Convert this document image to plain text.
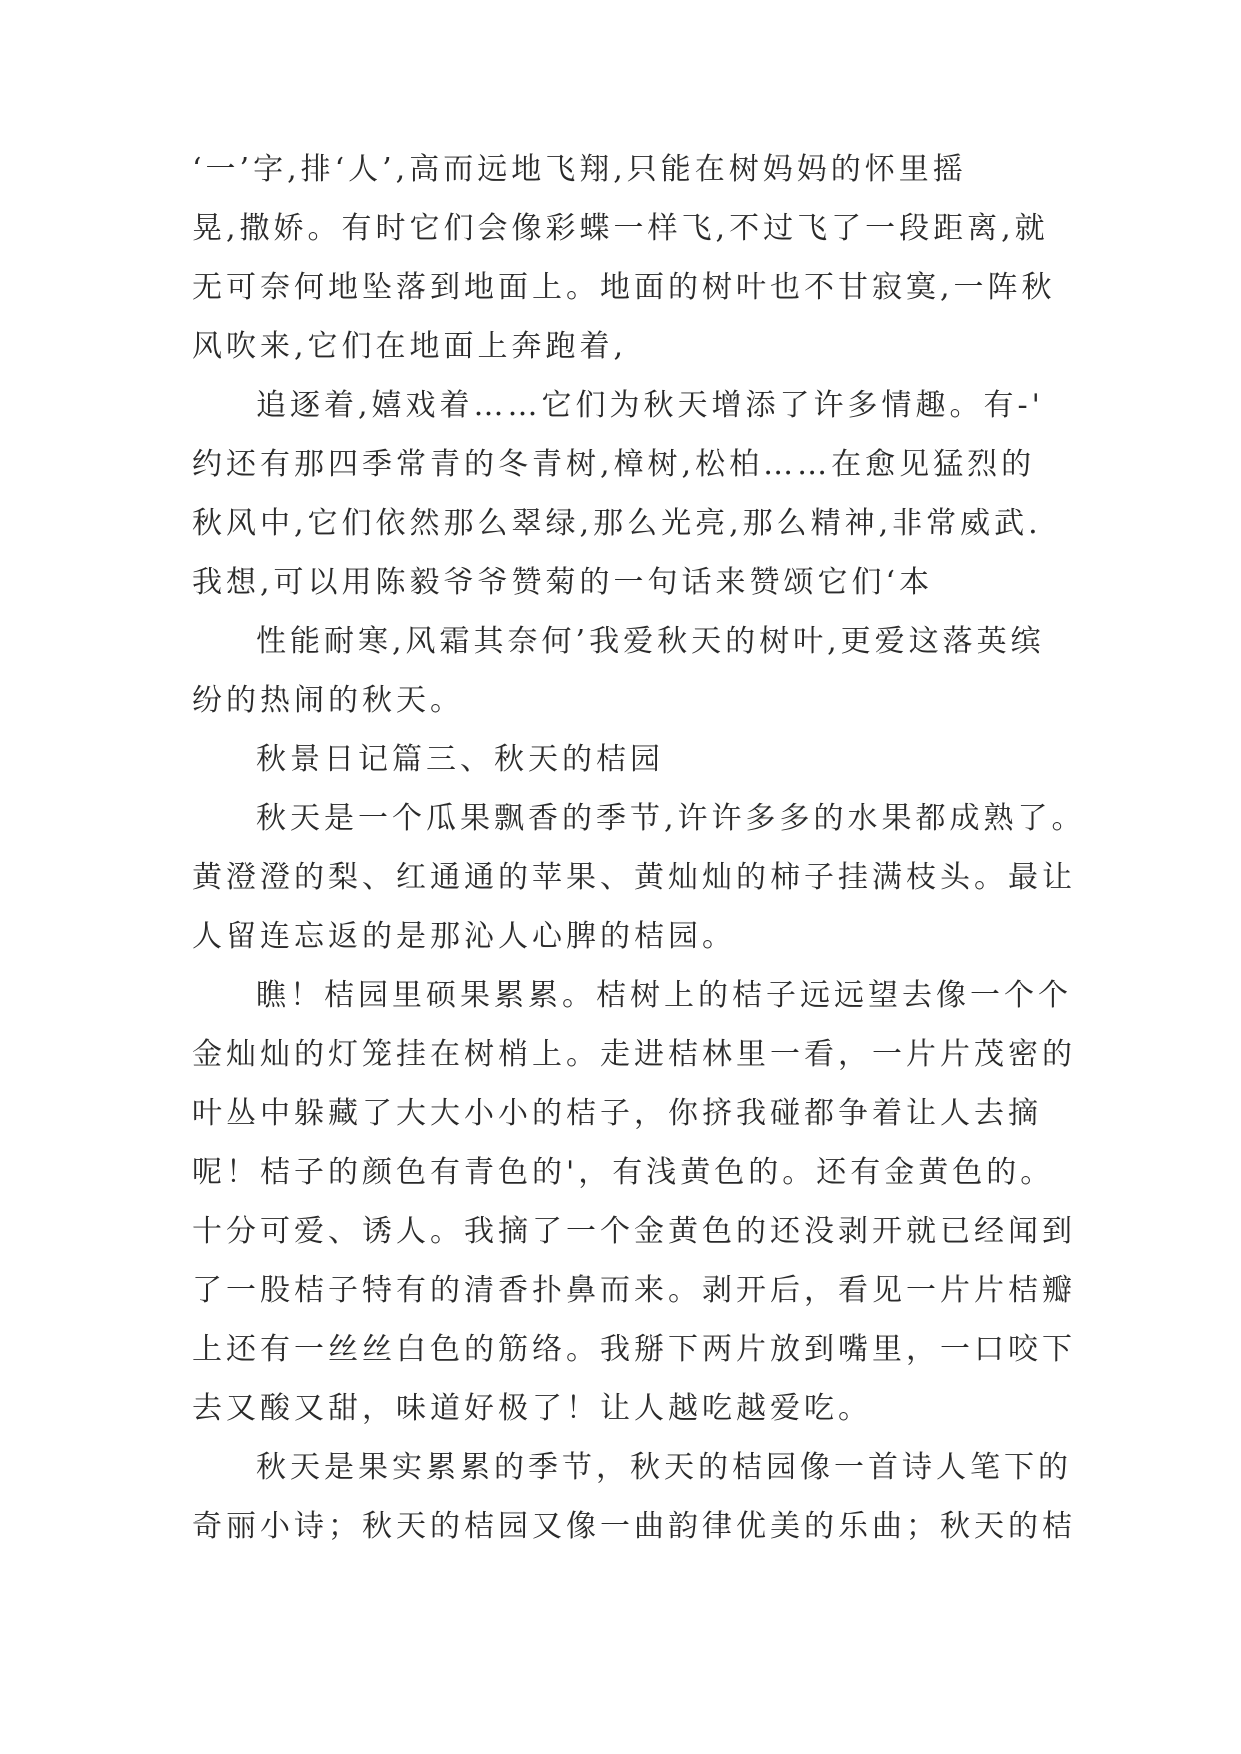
‘一’字,排‘人’,高而远地飞翔,只能在树妈妈的怀里摇
晃,撒娇。有时它们会像彩蝶一样飞,不过飞了一段距离,就
无可奈何地坠落到地面上。地面的树叶也不甘寂寞,一阵秋
风吹来,它们在地面上奔跑着,
追逐着,嬉戏着……它们为秋天增添了许多情趣。有-'
约还有那四季常青的冬青树,樟树,松柏……在愈见猛烈的
秋风中,它们依然那么翠绿,那么光亮,那么精神,非常威武.
我想,可以用陈毅爷爷赞菊的一句话来赞颂它们‘本
性能耐寒,风霜其奈何’我爱秋天的树叶,更爱这落英缤
纷的热闹的秋天。
秋景日记篇三、秋天的桔园
秋天是一个瓜果飘香的季节,许许多多的水果都成熟了。
黄澄澄的梨、红通通的苹果、黄灿灿的柿子挂满枝头。最让
人留连忘返的是那沁人心脾的桔园。
瞧！桔园里硕果累累。桔树上的桔子远远望去像一个个
金灿灿的灯笼挂在树梢上。走进桔林里一看，一片片茂密的
叶丛中躲藏了大大小小的桔子，你挤我碰都争着让人去摘
呢！桔子的颜色有青色的'，有浅黄色的。还有金黄色的。
十分可爱、诱人。我摘了一个金黄色的还没剥开就已经闻到
了一股桔子特有的清香扑鼻而来。剥开后，看见一片片桔瓣
上还有一丝丝白色的筋络。我掰下两片放到嘴里，一口咬下
去又酸又甜，味道好极了！让人越吃越爱吃。
秋天是果实累累的季节，秋天的桔园像一首诗人笔下的
奇丽小诗；秋天的桔园又像一曲韵律优美的乐曲；秋天的桔
